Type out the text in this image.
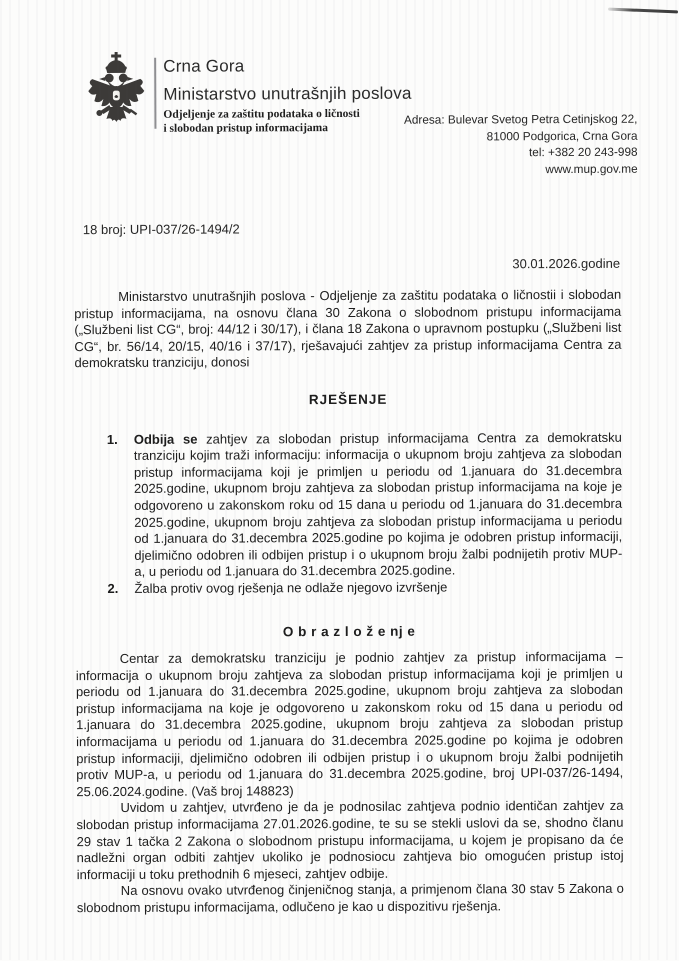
Crna Gora
Ministarstvo unutrašnjih poslova
Odjeljenje za zaštitu podataka o ličnosti
i slobodan pristup informacijama
Adresa: Bulevar Svetog Petra Cetinjskog 22,
81000 Podgorica, Crna Gora
tel: +382 20 243-998
www.mup.gov.me
18 broj: UPI-037/26-1494/2
30.01.2026.godine

Ministarstvo unutrašnjih poslova - Odjeljenje za zaštitu podataka o ličnostii i slobodan pristup informacijama, na osnovu člana 30 Zakona o slobodnom pristupu informacijama („Službeni list CG“, broj: 44/12 i 30/17), i člana 18 Zakona o upravnom postupku („Službeni list CG“, br. 56/14, 20/15, 40/16 i 37/17), rješavajući zahtjev za pristup informacijama Centra za demokratsku tranziciju, donosi

RJEŠENJE
1.	Odbija se zahtjev za slobodan pristup informacijama Centra za demokratsku tranziciju kojim traži informaciju: informacija o ukupnom broju zahtjeva za slobodan pristup informacijama koji je primljen u periodu od 1.januara do 31.decembra 2025.godine, ukupnom broju zahtjeva za slobodan pristup informacijama na koje je odgovoreno u zakonskom roku od 15 dana u periodu od 1.januara do 31.decembra 2025.godine, ukupnom broju zahtjeva za slobodan pristup informacijama u periodu od 1.januara do 31.decembra 2025.godine po kojima je odobren pristup informaciji, djelimično odobren ili odbijen pristup i o ukupnom broju žalbi podnijetih protiv MUP-a, u periodu od 1.januara do 31.decembra 2025.godine.
2.	Žalba protiv ovog rješenja ne odlaže njegovo izvršenje
O b r a z l o ž e nj e

Centar za demokratsku tranziciju je podnio zahtjev za pristup informacijama – informacija o ukupnom broju zahtjeva za slobodan pristup informacijama koji je primljen u periodu od 1.januara do 31.decembra 2025.godine, ukupnom broju zahtjeva za slobodan pristup informacijama na koje je odgovoreno u zakonskom roku od 15 dana u periodu od 1.januara do 31.decembra 2025.godine, ukupnom broju zahtjeva za slobodan pristup informacijama u periodu od 1.januara do 31.decembra 2025.godine po kojima je odobren pristup informaciji, djelimično odobren ili odbijen pristup i o ukupnom broju žalbi podnijetih protiv MUP-a, u periodu od 1.januara do 31.decembra 2025.godine, broj UPI-037/26-1494, 25.06.2024.godine. (Vaš broj 148823)

Uvidom u zahtjev, utvrđeno je da je podnosilac zahtjeva podnio identičan zahtjev za slobodan pristup informacijama 27.01.2026.godine, te su se stekli uslovi da se, shodno članu 29 stav 1 tačka 2 Zakona o slobodnom pristupu informacijama, u kojem je propisano da će nadležni organ odbiti zahtjev ukoliko je podnosiocu zahtjeva bio omogućen pristup istoj informaciji u toku prethodnih 6 mjeseci, zahtjev odbije.

Na osnovu ovako utvrđenog činjeničnog stanja, a primjenom člana 30 stav 5 Zakona o slobodnom pristupu informacijama, odlučeno je kao u dispozitivu rješenja.
